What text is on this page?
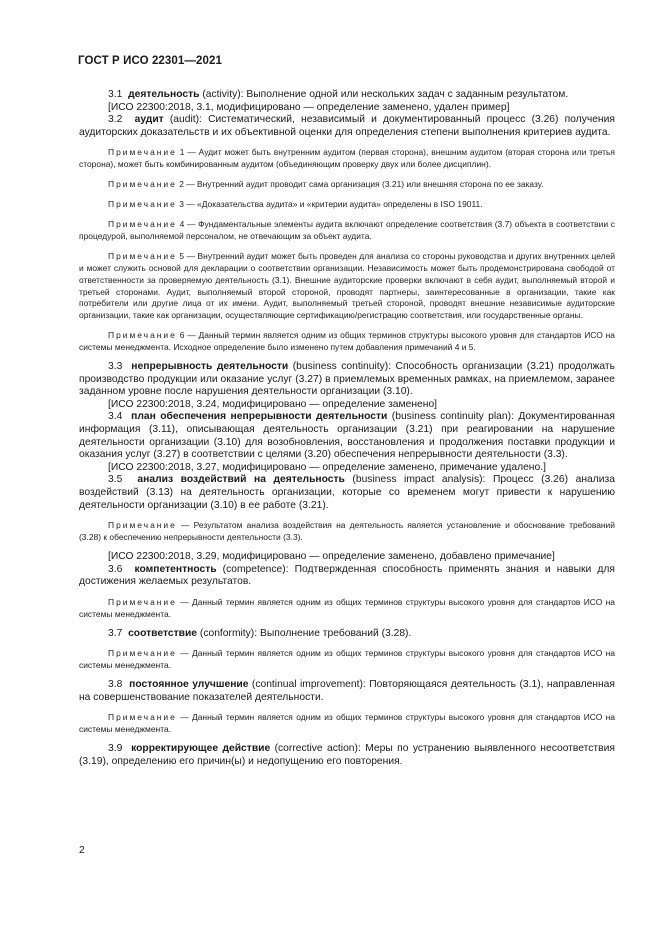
ГОСТ Р ИСО 22301—2021

3.1 деятельность (activity): Выполнение одной или нескольких задач с заданным результатом.

[ИСО 22300:2018, 3.1, модифицировано — определение заменено, удален пример]

3.2 аудит (audit): Систематический, независимый и документированный процесс (3.26) получения аудиторских доказательств и их объективной оценки для определения степени выполнения критериев аудита.

Примечание 1 — Аудит может быть внутренним аудитом (первая сторона), внешним аудитом (вторая сторона или третья сторона), может быть комбинированным аудитом (объединяющим проверку двух или более дисциплин).

Примечание 2 — Внутренний аудит проводит сама организация (3.21) или внешняя сторона по ее заказу.

Примечание 3 — «Доказательства аудита» и «критерии аудита» определены в ISO 19011.

Примечание 4 — Фундаментальные элементы аудита включают определение соответствия (3.7) объекта в соответствии с процедурой, выполняемой персоналом, не отвечающим за объект аудита.

Примечание 5 — Внутренний аудит может быть проведен для анализа со стороны руководства и других внутренних целей и может служить основой для декларации о соответствии организации. Независимость может быть продемонстрирована свободой от ответственности за проверяемую деятельность (3.1). Внешние аудиторские проверки включают в себя аудит, выполняемый второй и третьей сторонами. Аудит, выполняемый второй стороной, проводят партнеры, заинтересованные в организации, такие как потребители или другие лица от их имени. Аудит, выполняемый третьей стороной, проводят внешние независимые аудиторские организации, такие как организации, осуществляющие сертификацию/регистрацию соответствия, или государственные органы.

Примечание 6 — Данный термин является одним из общих терминов структуры высокого уровня для стандартов ИСО на системы менеджмента. Исходное определение было изменено путем добавления примечаний 4 и 5.

3.3 непрерывность деятельности (business continuity): Способность организации (3.21) продолжать производство продукции или оказание услуг (3.27) в приемлемых временных рамках, на приемлемом, заранее заданном уровне после нарушения деятельности организации (3.10).

[ИСО 22300:2018, 3.24, модифицировано — определение заменено]

3.4 план обеспечения непрерывности деятельности (business continuity plan): Документированная информация (3.11), описывающая деятельность организации (3.21) при реагировании на нарушение деятельности организации (3.10) для возобновления, восстановления и продолжения поставки продукции и оказания услуг (3.27) в соответствии с целями (3.20) обеспечения непрерывности деятельности (3.3).

[ИСО 22300:2018, 3.27, модифицировано — определение заменено, примечание удалено.]

3.5 анализ воздействий на деятельность (business impact analysis): Процесс (3.26) анализа воздействий (3.13) на деятельность организации, которые со временем могут привести к нарушению деятельности организации (3.10) в ее работе (3.21).

Примечание — Результатом анализа воздействия на деятельность является установление и обоснование требований (3.28) к обеспечению непрерывности деятельности (3.3).

[ИСО 22300:2018, 3.29, модифицировано — определение заменено, добавлено примечание]

3.6 компетентность (competence): Подтвержденная способность применять знания и навыки для достижения желаемых результатов.

Примечание — Данный термин является одним из общих терминов структуры высокого уровня для стандартов ИСО на системы менеджмента.

3.7 соответствие (conformity): Выполнение требований (3.28).

Примечание — Данный термин является одним из общих терминов структуры высокого уровня для стандартов ИСО на системы менеджмента.

3.8 постоянное улучшение (continual improvement): Повторяющаяся деятельность (3.1), направленная на совершенствование показателей деятельности.

Примечание — Данный термин является одним из общих терминов структуры высокого уровня для стандартов ИСО на системы менеджмента.

3.9 корректирующее действие (corrective action): Меры по устранению выявленного несоответствия (3.19), определению его причин(ы) и недопущению его повторения.

2
